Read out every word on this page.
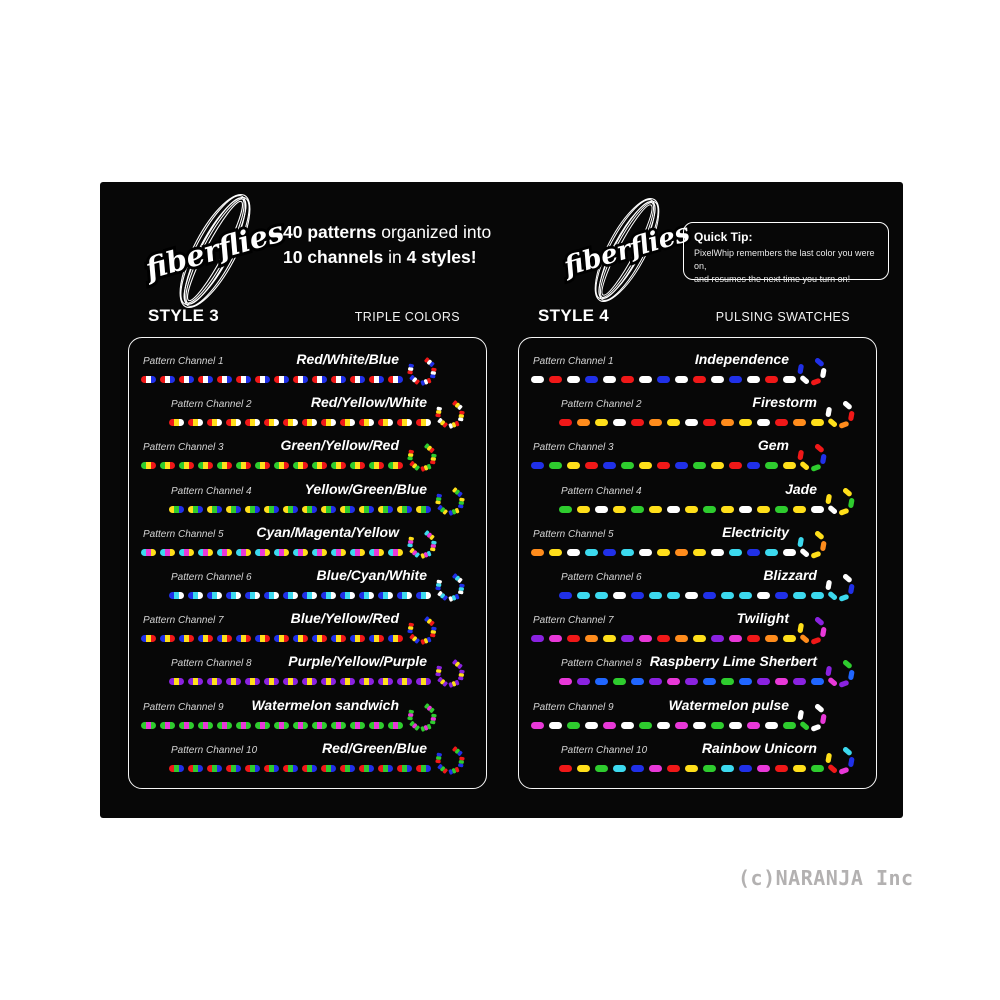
fiberflies
40 patterns organized into
10 channels in 4 styles!	fiberflies Quick Tip:
PixelWhip remembers the last color you were on,
and resumes the next time you turn on!
STYLE 3	TRIPLE COLORS	STYLE 4	PULSING SWATCHES
Pattern Channel 1	Red/White/Blue
Pattern Channel 2	Red/Yellow/White
Pattern Channel 3	Green/Yellow/Red
Pattern Channel 4	Yellow/Green/Blue
Pattern Channel 5	Cyan/Magenta/Yellow
Pattern Channel 6	Blue/Cyan/White
Pattern Channel 7	Blue/Yellow/Red
Pattern Channel 8	Purple/Yellow/Purple
Pattern Channel 9	Watermelon sandwich
Pattern Channel 10	Red/Green/Blue
Pattern Channel 1	Independence
Pattern Channel 2	Firestorm
Pattern Channel 3	Gem
Pattern Channel 4	Jade
Pattern Channel 5	Electricity
Pattern Channel 6	Blizzard
Pattern Channel 7	Twilight
Pattern Channel 8 Raspberry Lime Sherbert
Pattern Channel 9	Watermelon pulse
Pattern Channel 10	Rainbow Unicorn
(c)NARANJA Inc
